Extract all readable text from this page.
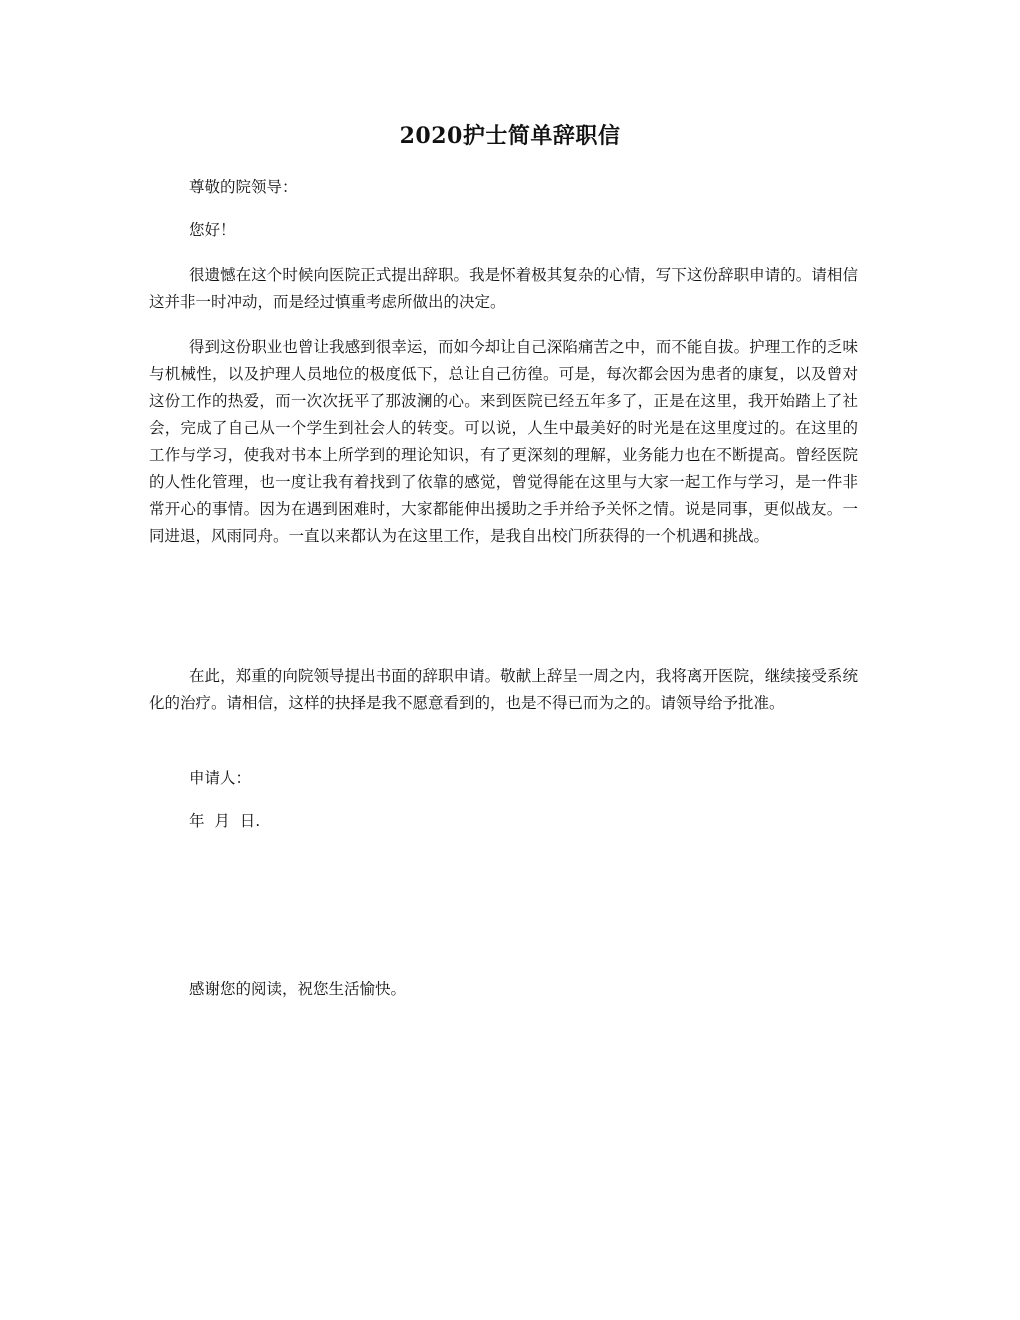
2020护士简单辞职信
尊敬的院领导：
您好！
很遗憾在这个时候向医院正式提出辞职。我是怀着极其复杂的心情，写下这份辞职申请的。请相信这并非一时冲动，而是经过慎重考虑所做出的决定。
得到这份职业也曾让我感到很幸运，而如今却让自己深陷痛苦之中，而不能自拔。护理工作的乏味与机械性，以及护理人员地位的极度低下，总让自己彷徨。可是，每次都会因为患者的康复，以及曾对这份工作的热爱，而一次次抚平了那波澜的心。来到医院已经五年多了，正是在这里，我开始踏上了社会，完成了自己从一个学生到社会人的转变。可以说，人生中最美好的时光是在这里度过的。在这里的工作与学习，使我对书本上所学到的理论知识，有了更深刻的理解，业务能力也在不断提高。曾经医院的人性化管理，也一度让我有着找到了依靠的感觉，曾觉得能在这里与大家一起工作与学习，是一件非常开心的事情。因为在遇到困难时，大家都能伸出援助之手并给予关怀之情。说是同事，更似战友。一同进退，风雨同舟。一直以来都认为在这里工作，是我自出校门所获得的一个机遇和挑战。
在此，郑重的向院领导提出书面的辞职申请。敬献上辞呈一周之内，我将离开医院，继续接受系统化的治疗。请相信，这样的抉择是我不愿意看到的，也是不得已而为之的。请领导给予批准。
申请人：
年  月  日.
感谢您的阅读，祝您生活愉快。
